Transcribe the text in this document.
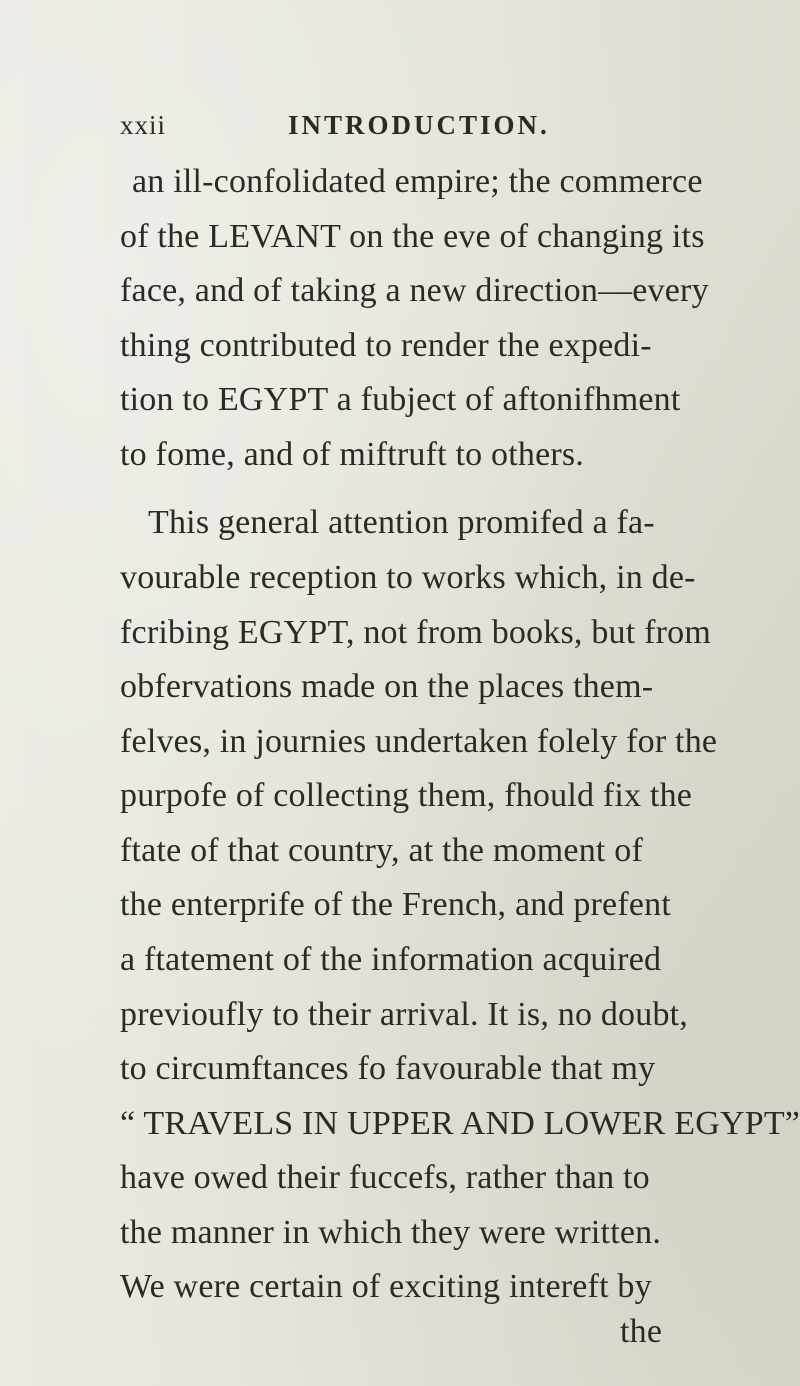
xxii	INTRODUCTION.
an ill-confolidated empire; the commerce
of the LEVANT on the eve of changing its
face, and of taking a new direction—every
thing contributed to render the expedi-
tion to EGYPT a fubject of aftonifhment
to fome, and of miftruft to others.
This general attention promifed a fa-
vourable reception to works which, in de-
fcribing EGYPT, not from books, but from
obfervations made on the places them-
felves, in journies undertaken folely for the
purpofe of collecting them, fhould fix the
ftate of that country, at the moment of
the enterprife of the French, and prefent
a ftatement of the information acquired
previoufly to their arrival. It is, no doubt,
to circumftances fo favourable that my
“ TRAVELS IN UPPER AND LOWER EGYPT”
have owed their fuccefs, rather than to
the manner in which they were written.
We were certain of exciting intereft by
the
